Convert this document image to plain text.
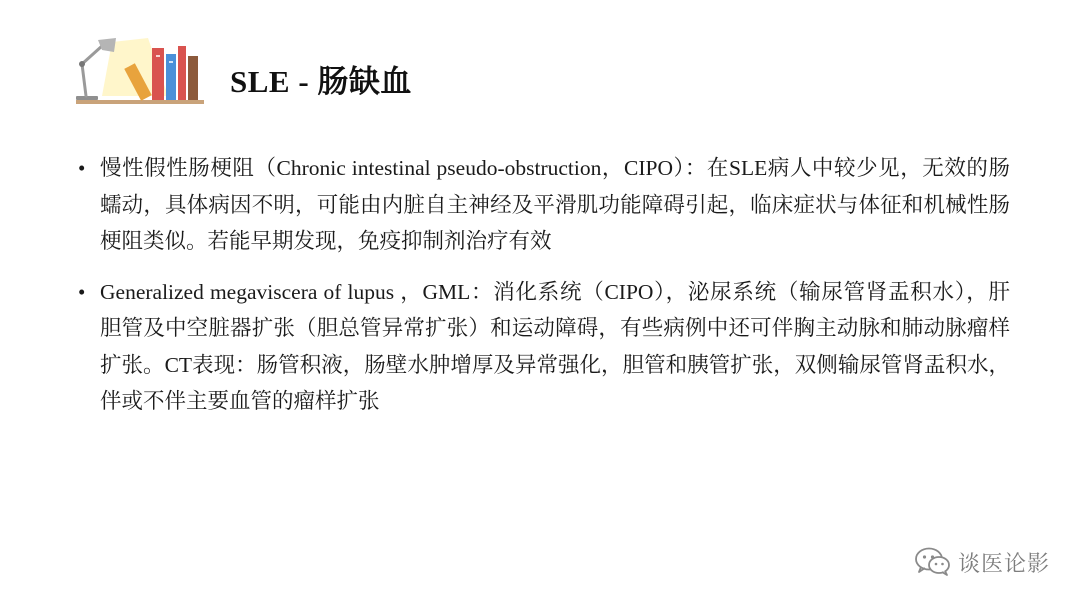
SLE - 肠缺血
• 慢性假性肠梗阻（Chronic intestinal pseudo-obstruction，CIPO）：在SLE病人中较少见，无效的肠蠕动，具体病因不明，可能由内脏自主神经及平滑肌功能障碍引起，临床症状与体征和机械性肠梗阻类似。若能早期发现，免疫抑制剂治疗有效
• Generalized megaviscera of lupus ，GML：消化系统（CIPO），泌尿系统（输尿管肾盂积水），肝胆管及中空脏器扩张（胆总管异常扩张）和运动障碍，有些病例中还可伴胸主动脉和肺动脉瘤样扩张。CT表现：肠管积液，肠壁水肿增厚及异常强化，胆管和胰管扩张，双侧输尿管肾盂积水，伴或不伴主要血管的瘤样扩张
谈医论影
